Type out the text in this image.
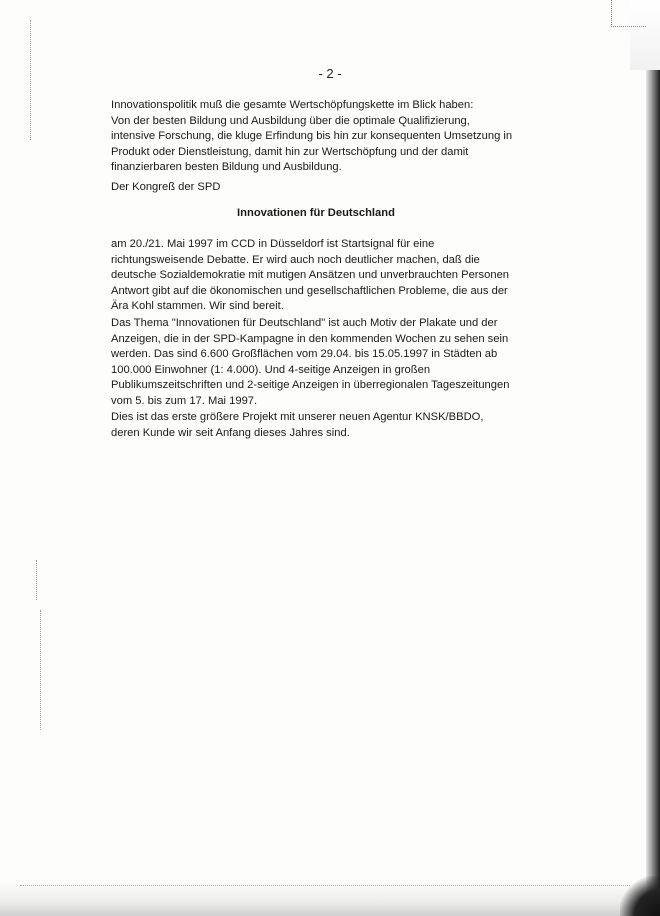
- 2 -

Innovationspolitik muß die gesamte Wertschöpfungskette im Blick haben:
Von der besten Bildung und Ausbildung über die optimale Qualifizierung,
intensive Forschung, die kluge Erfindung bis hin zur konsequenten Umsetzung in
Produkt oder Dienstleistung, damit hin zur Wertschöpfung und der damit
finanzierbaren besten Bildung und Ausbildung.

Der Kongreß der SPD

Innovationen für Deutschland

am 20./21. Mai 1997 im CCD in Düsseldorf ist Startsignal für eine
richtungsweisende Debatte. Er wird auch noch deutlicher machen, daß die
deutsche Sozialdemokratie mit mutigen Ansätzen und unverbrauchten Personen
Antwort gibt auf die ökonomischen und gesellschaftlichen Probleme, die aus der
Ära Kohl stammen. Wir sind bereit.

Das Thema "Innovationen für Deutschland" ist auch Motiv der Plakate und der
Anzeigen, die in der SPD-Kampagne in den kommenden Wochen zu sehen sein
werden. Das sind 6.600 Großflächen vom 29.04. bis 15.05.1997 in Städten ab
100.000 Einwohner (1: 4.000). Und 4-seitige Anzeigen in großen
Publikumszeitschriften und 2-seitige Anzeigen in überregionalen Tageszeitungen
vom 5. bis zum 17. Mai 1997.

Dies ist das erste größere Projekt mit unserer neuen Agentur KNSK/BBDO,
deren Kunde wir seit Anfang dieses Jahres sind.
